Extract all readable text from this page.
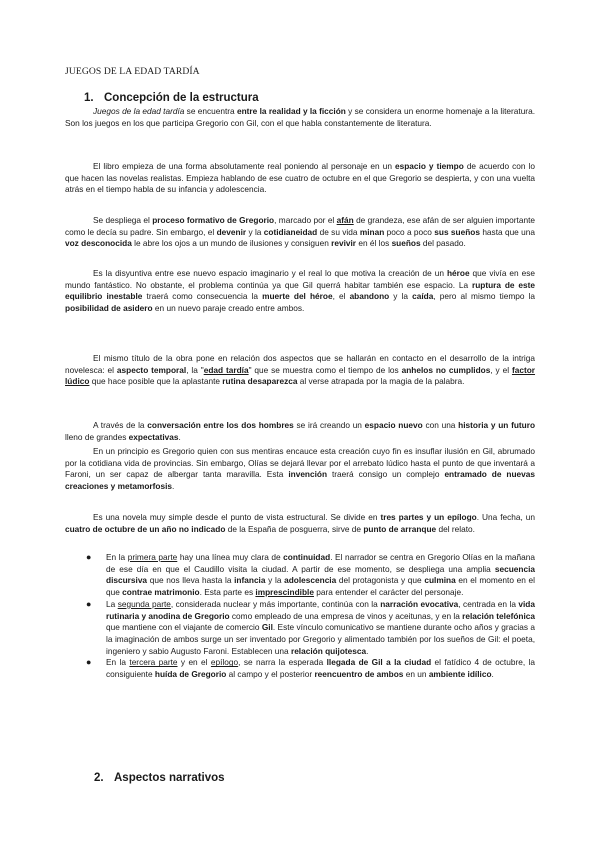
JUEGOS DE LA EDAD TARDÍA
1. Concepción de la estructura

Juegos de la edad tardía se encuentra entre la realidad y la ficción y se considera un enorme homenaje a la literatura. Son los juegos en los que participa Gregorio con Gil, con el que habla constantemente de literatura.

El libro empieza de una forma absolutamente real poniendo al personaje en un espacio y tiempo de acuerdo con lo que hacen las novelas realistas. Empieza hablando de ese cuatro de octubre en el que Gregorio se despierta, y con una vuelta atrás en el tiempo habla de su infancia y adolescencia.

Se despliega el proceso formativo de Gregorio, marcado por el afán de grandeza, ese afán de ser alguien importante como le decía su padre. Sin embargo, el devenir y la cotidianeidad de su vida minan poco a poco sus sueños hasta que una voz desconocida le abre los ojos a un mundo de ilusiones y consiguen revivir en él los sueños del pasado.

Es la disyuntiva entre ese nuevo espacio imaginario y el real lo que motiva la creación de un héroe que vivía en ese mundo fantástico. No obstante, el problema continúa ya que Gil querrá habitar también ese espacio. La ruptura de este equilibrio inestable traerá como consecuencia la muerte del héroe, el abandono y la caída, pero al mismo tiempo la posibilidad de asidero en un nuevo paraje creado entre ambos.

El mismo título de la obra pone en relación dos aspectos que se hallarán en contacto en el desarrollo de la intriga novelesca: el aspecto temporal, la "edad tardía" que se muestra como el tiempo de los anhelos no cumplidos, y el factor lúdico que hace posible que la aplastante rutina desaparezca al verse atrapada por la magia de la palabra.

A través de la conversación entre los dos hombres se irá creando un espacio nuevo con una historia y un futuro lleno de grandes expectativas.

En un principio es Gregorio quien con sus mentiras encauce esta creación cuyo fin es insuflar ilusión en Gil, abrumado por la cotidiana vida de provincias. Sin embargo, Olías se dejará llevar por el arrebato lúdico hasta el punto de que inventará a Faroni, un ser capaz de albergar tanta maravilla. Esta invención traerá consigo un complejo entramado de nuevas creaciones y metamorfosis.

Es una novela muy simple desde el punto de vista estructural. Se divide en tres partes y un epílogo. Una fecha, un cuatro de octubre de un año no indicado de la España de posguerra, sirve de punto de arranque del relato.

● En la primera parte hay una línea muy clara de continuidad. El narrador se centra en Gregorio Olías en la mañana de ese día en que el Caudillo visita la ciudad. A partir de ese momento, se despliega una amplia secuencia discursiva que nos lleva hasta la infancia y la adolescencia del protagonista y que culmina en el momento en el que contrae matrimonio. Esta parte es imprescindible para entender el carácter del personaje.
● La segunda parte, considerada nuclear y más importante, continúa con la narración evocativa, centrada en la vida rutinaria y anodina de Gregorio como empleado de una empresa de vinos y aceitunas, y en la relación telefónica que mantiene con el viajante de comercio Gil. Este vínculo comunicativo se mantiene durante ocho años y gracias a la imaginación de ambos surge un ser inventado por Gregorio y alimentado también por los sueños de Gil: el poeta, ingeniero y sabio Augusto Faroni. Establecen una relación quijotesca.
● En la tercera parte y en el epílogo, se narra la esperada llegada de Gil a la ciudad el fatídico 4 de octubre, la consiguiente huída de Gregorio al campo y el posterior reencuentro de ambos en un ambiente idílico.
2. Aspectos narrativos
